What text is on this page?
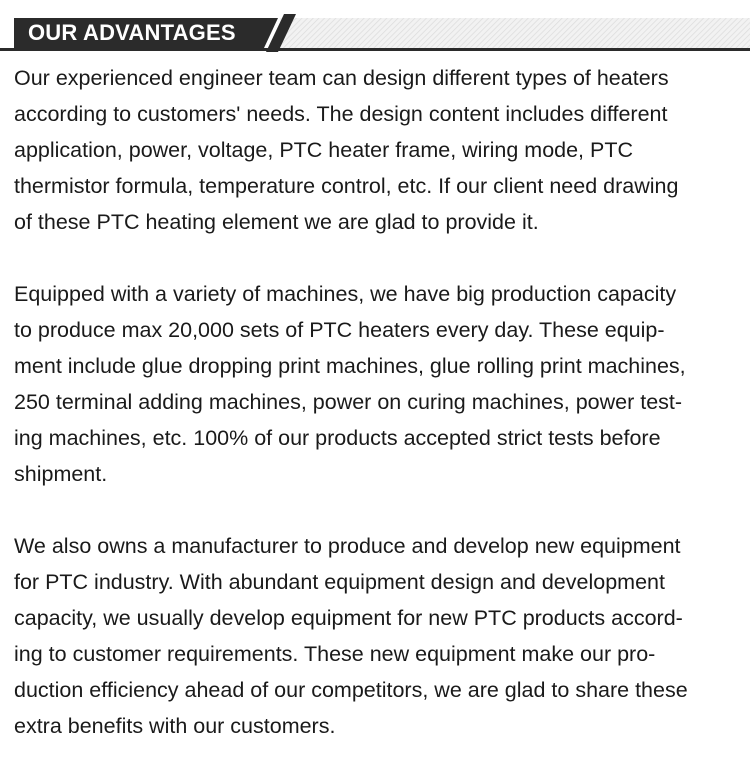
OUR ADVANTAGES
Our experienced engineer team can design different types of heaters
according to customers' needs. The design content includes different
application, power, voltage, PTC heater frame, wiring mode, PTC
thermistor formula, temperature control, etc. If our client need drawing
of these PTC heating element we are glad to provide it.
Equipped with a variety of machines, we have big production capacity
to produce max 20,000 sets of PTC heaters every day. These equip-
ment include glue dropping print machines, glue rolling print machines,
250 terminal adding machines, power on curing machines, power test-
ing machines, etc. 100% of our products accepted strict tests before
shipment.
We also owns a manufacturer to produce and develop new equipment
for PTC industry. With abundant equipment design and development
capacity, we usually develop equipment for new PTC products accord-
ing to customer requirements. These new equipment make our pro-
duction efficiency ahead of our competitors, we are glad to share these
extra benefits with our customers.
